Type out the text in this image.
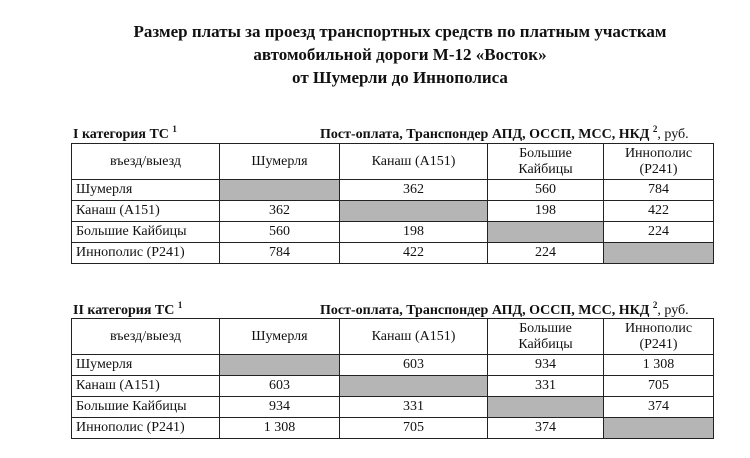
Размер платы за проезд транспортных средств по платным участкам
автомобильной дороги М-12 «Восток»
от Шумерли до Иннополиса
I категория ТС $^1$	Пост-оплата, Транспондер АПД, ОССП, МСС, НКД $^2$, руб.
въезд/выезд	Шумерля	Канаш (А151)	Большие Кайбицы	Иннополис (Р241)
Шумерля		362	560	784
Канаш (А151)	362		198	422
Большие Кайбицы	560	198		224
Иннополис (Р241)	784	422	224	
II категория ТС $^1$	Пост-оплата, Транспондер АПД, ОССП, МСС, НКД $^2$, руб.
въезд/выезд	Шумерля	Канаш (А151)	Большие Кайбицы	Иннополис (Р241)
Шумерля		603	934	1 308
Канаш (А151)	603		331	705
Большие Кайбицы	934	331		374
Иннополис (Р241)	1 308	705	374	
